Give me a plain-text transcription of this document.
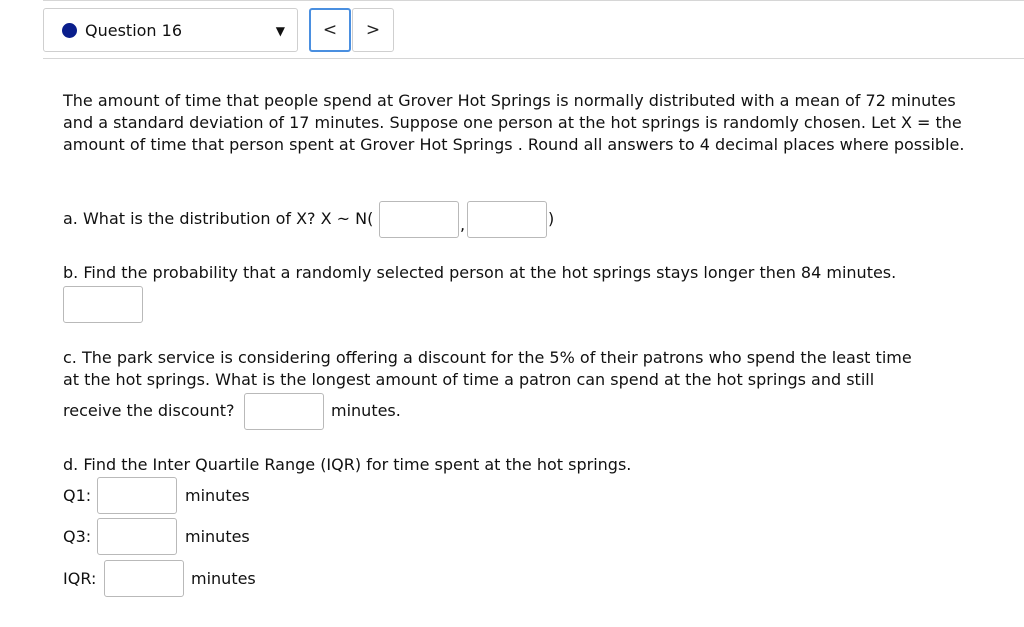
Question 16	▼	<	>
The amount of time that people spend at Grover Hot Springs is normally distributed with a mean of 72 minutes and a standard deviation of 17 minutes. Suppose one person at the hot springs is randomly chosen. Let X = the amount of time that person spent at Grover Hot Springs . Round all answers to 4 decimal places where possible.
a. What is the distribution of X? X ~ N(	,	)
b. Find the probability that a randomly selected person at the hot springs stays longer then 84 minutes.
c. The park service is considering offering a discount for the 5% of their patrons who spend the least time
at the hot springs. What is the longest amount of time a patron can spend at the hot springs and still
receive the discount?	minutes.
d. Find the Inter Quartile Range (IQR) for time spent at the hot springs.
Q1:	minutes
Q3:	minutes
IQR:	minutes
